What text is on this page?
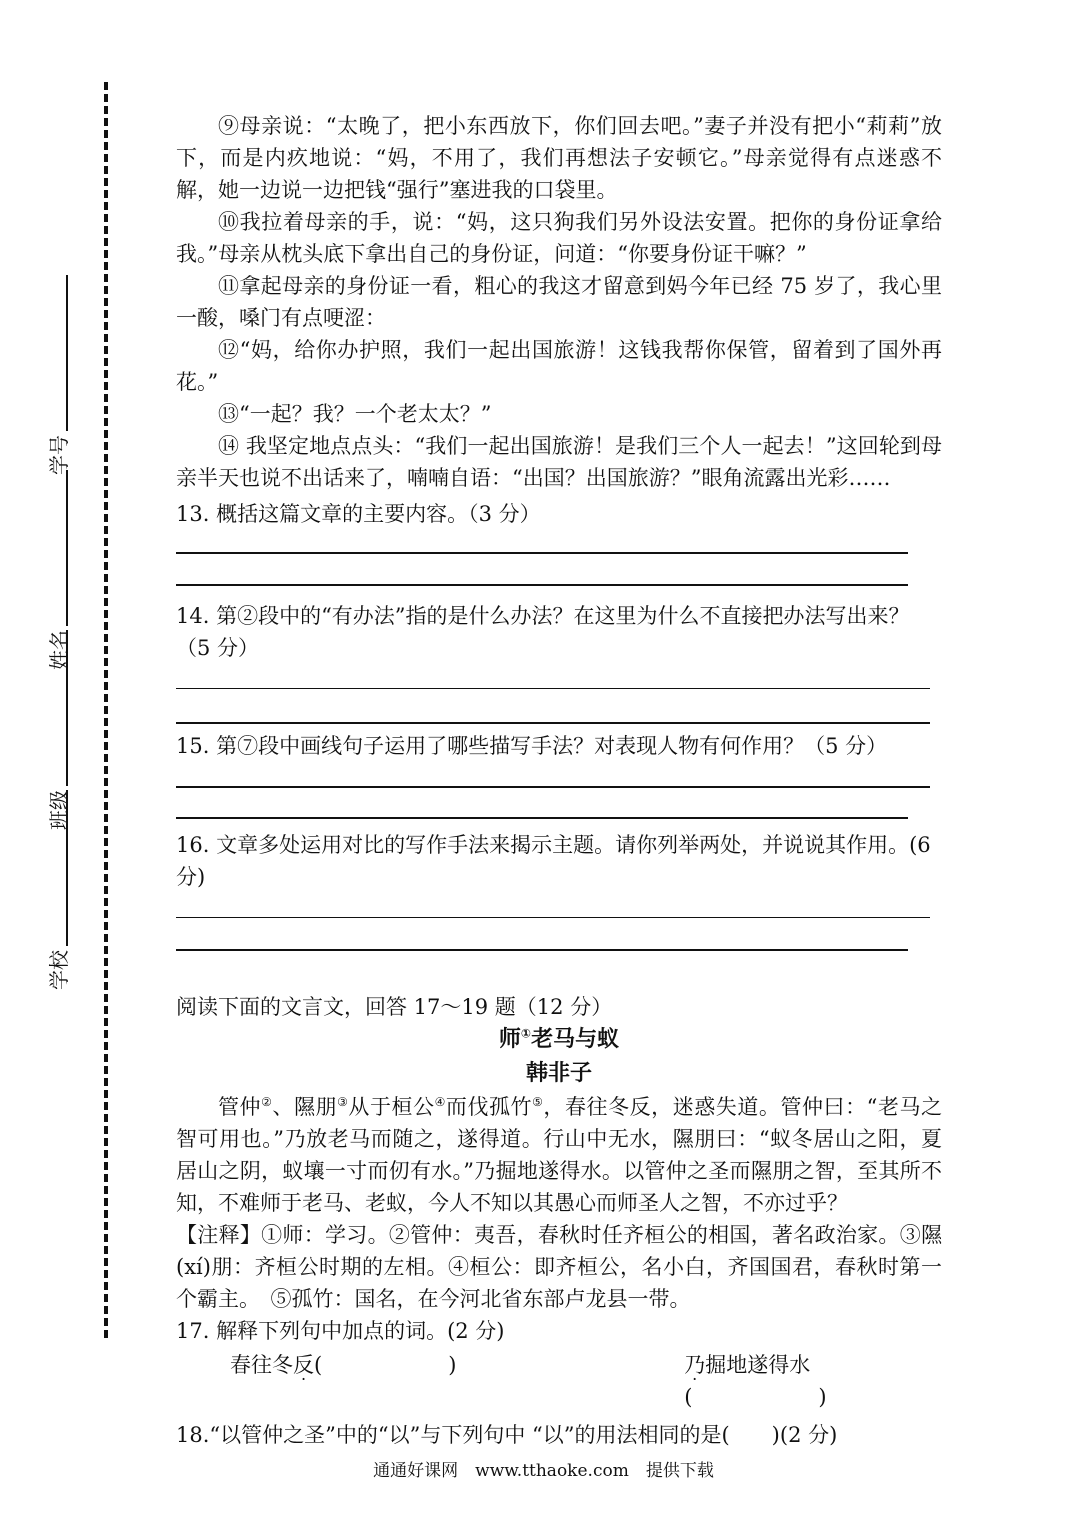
学号
姓名
班级
学校

⑨母亲说：“太晚了，把小东西放下，你们回去吧。”妻子并没有把小“莉莉”放下，而是内疚地说：“妈，不用了，我们再想法子安顿它。”母亲觉得有点迷惑不解，她一边说一边把钱“强行”塞进我的口袋里。

⑩我拉着母亲的手，说：“妈，这只狗我们另外设法安置。把你的身份证拿给我。”母亲从枕头底下拿出自己的身份证，问道：“你要身份证干嘛？”

⑪拿起母亲的身份证一看，粗心的我这才留意到妈今年已经 75 岁了，我心里一酸，嗓门有点哽涩：

⑫“妈，给你办护照，我们一起出国旅游！这钱我帮你保管，留着到了国外再花。”

⑬“一起？我？一个老太太？”

⑭ 我坚定地点点头：“我们一起出国旅游！是我们三个人一起去！”这回轮到母亲半天也说不出话来了，喃喃自语：“出国？出国旅游？”眼角流露出光彩……

13. 概括这篇文章的主要内容。（3 分）

14. 第②段中的“有办法”指的是什么办法？在这里为什么不直接把办法写出来？（5 分）

15. 第⑦段中画线句子运用了哪些描写手法？对表现人物有何作用？（5 分）

16. 文章多处运用对比的写作手法来揭示主题。请你列举两处，并说说其作用。(6 分)

阅读下面的文言文，回答 17～19 题（12 分）

师①老马与蚁

韩非子

管仲②、隰朋③从于桓公④而伐孤竹⑤，春往冬反，迷惑失道。管仲曰：“老马之智可用也。”乃放老马而随之，遂得道。行山中无水，隰朋曰：“蚁冬居山之阳，夏居山之阴，蚁壤一寸而仞有水。”乃掘地遂得水。以管仲之圣而隰朋之智，至其所不知，不难师于老马、老蚁，今人不知以其愚心而师圣人之智，不亦过乎？

【注释】①师：学习。②管仲：夷吾，春秋时任齐桓公的相国，著名政治家。③隰(xí)朋：齐桓公时期的左相。④桓公：即齐桓公，名小白，齐国国君，春秋时第一个霸主。　⑤孤竹：国名，在今河北省东部卢龙县一带。

17. 解释下列句中加点的词。(2 分)

春往冬反(　　　　　　)	乃掘地遂得水(　　　　　　)

18.“以管仲之圣”中的“以”与下列句中 “以”的用法相同的是(　　)(2 分)

通通好课网　www.tthaoke.com　提供下载
